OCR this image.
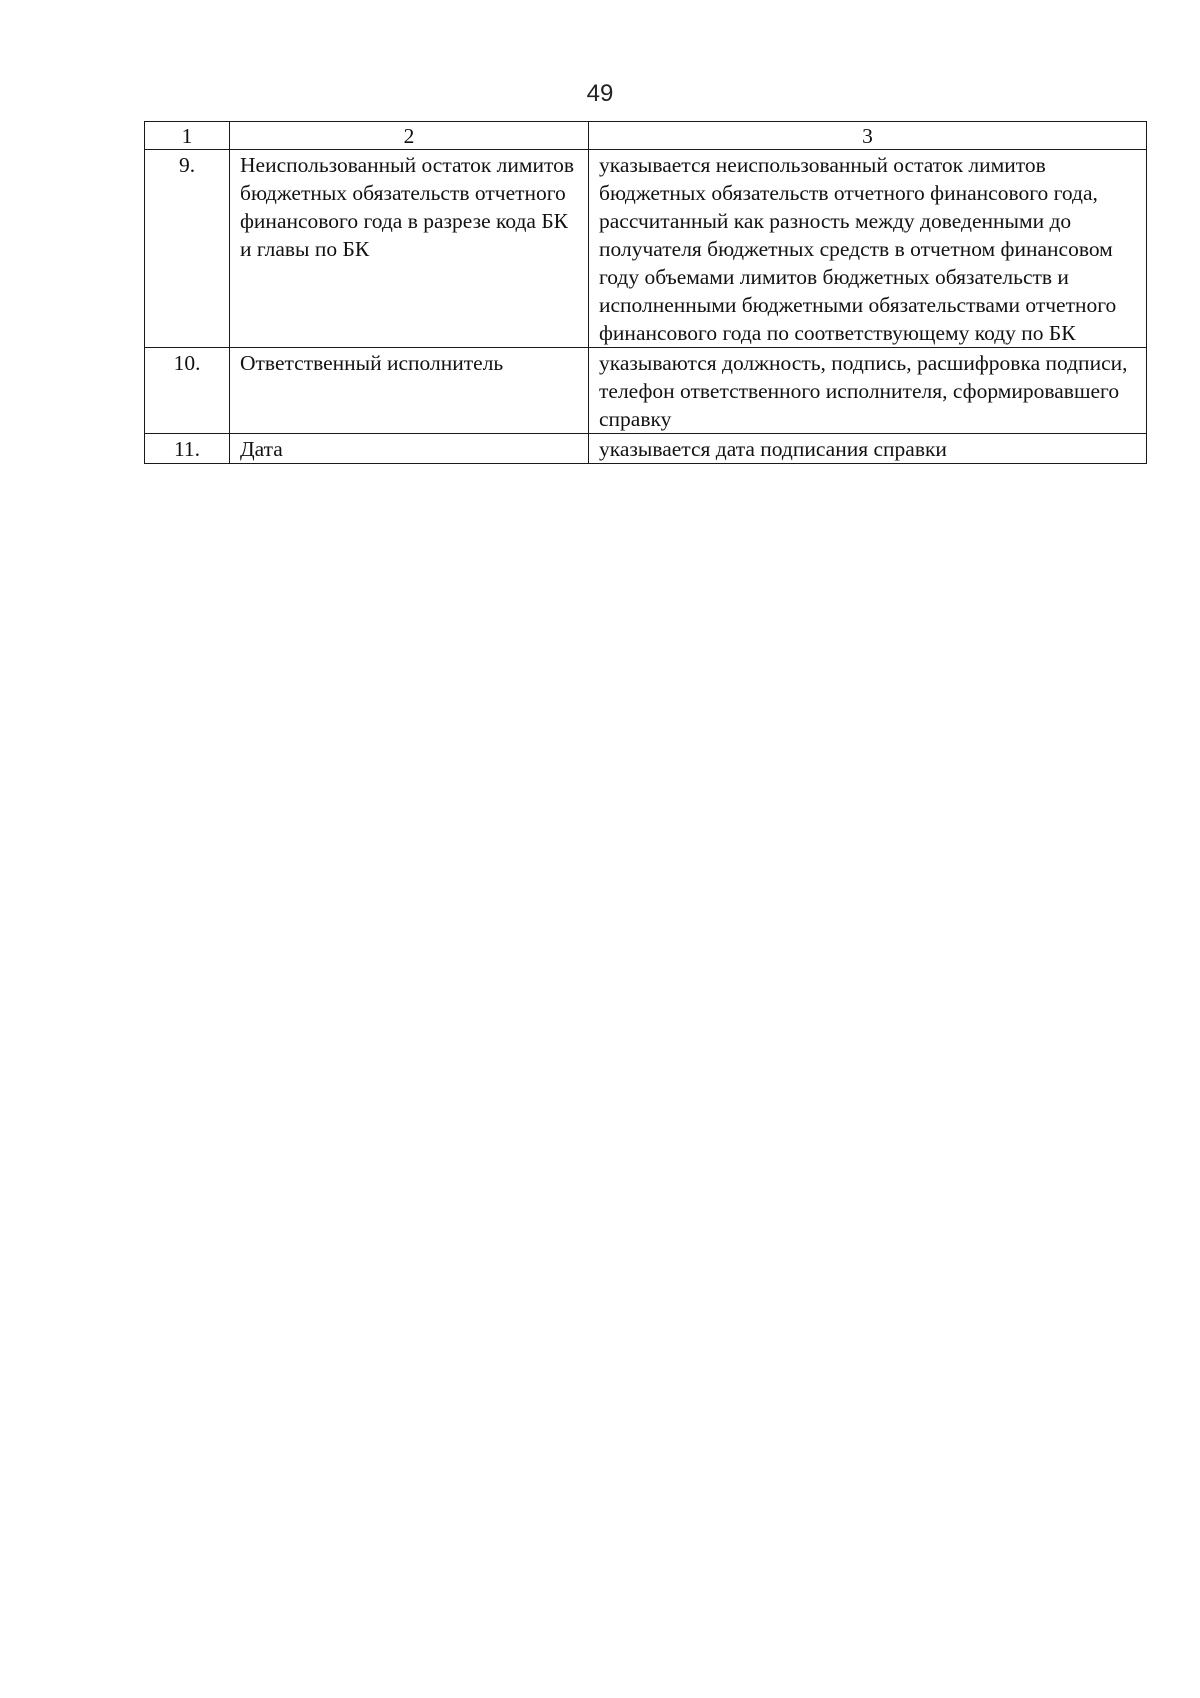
49
1	2	3
9.	Неиспользованный остаток лимитов бюджетных обязательств отчетного финансового года в разрезе кода БК и главы по БК	указывается неиспользованный остаток лимитов бюджетных обязательств отчетного финансового года, рассчитанный как разность между доведенными до получателя бюджетных средств в отчетном финансовом году объемами лимитов бюджетных обязательств и исполненными бюджетными обязательствами отчетного финансового года по соответствующему коду по БК
10.	Ответственный исполнитель	указываются должность, подпись, расшифровка подписи, телефон ответственного исполнителя, сформировавшего справку
11.	Дата	указывается дата подписания справки
